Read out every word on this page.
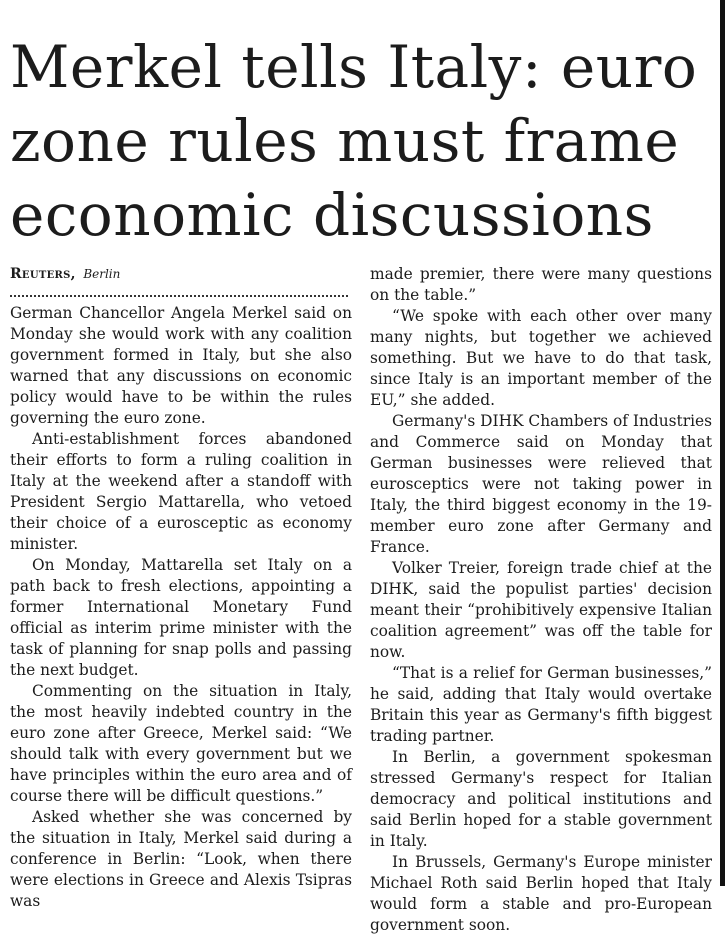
Merkel tells Italy: euro zone rules must frame economic discussions
Reuters, Berlin

German Chancellor Angela Merkel said on Monday she would work with any coalition government formed in Italy, but she also warned that any discussions on economic policy would have to be within the rules governing the euro zone.

Anti-establishment forces abandoned their efforts to form a ruling coalition in Italy at the weekend after a standoff with President Sergio Mattarella, who vetoed their choice of a eurosceptic as economy minister.

On Monday, Mattarella set Italy on a path back to fresh elections, appointing a former International Monetary Fund official as interim prime minister with the task of planning for snap polls and passing the next budget.

Commenting on the situation in Italy, the most heavily indebted country in the euro zone after Greece, Merkel said: “We should talk with every government but we have principles within the euro area and of course there will be difficult questions.”

Asked whether she was concerned by the situation in Italy, Merkel said during a conference in Berlin: “Look, when there were elections in Greece and Alexis Tsipras was

made premier, there were many questions on the table.”

“We spoke with each other over many many nights, but together we achieved something. But we have to do that task, since Italy is an important member of the EU,” she added.

Germany's DIHK Chambers of Industries and Commerce said on Monday that German businesses were relieved that eurosceptics were not taking power in Italy, the third biggest economy in the 19-member euro zone after Germany and France.

Volker Treier, foreign trade chief at the DIHK, said the populist parties' decision meant their “prohibitively expensive Italian coalition agreement” was off the table for now.

“That is a relief for German businesses,” he said, adding that Italy would overtake Britain this year as Germany's fifth biggest trading partner.

In Berlin, a government spokesman stressed Germany's respect for Italian democracy and political institutions and said Berlin hoped for a stable government in Italy.

In Brussels, Germany's Europe minister Michael Roth said Berlin hoped that Italy would form a stable and pro-European government soon.
